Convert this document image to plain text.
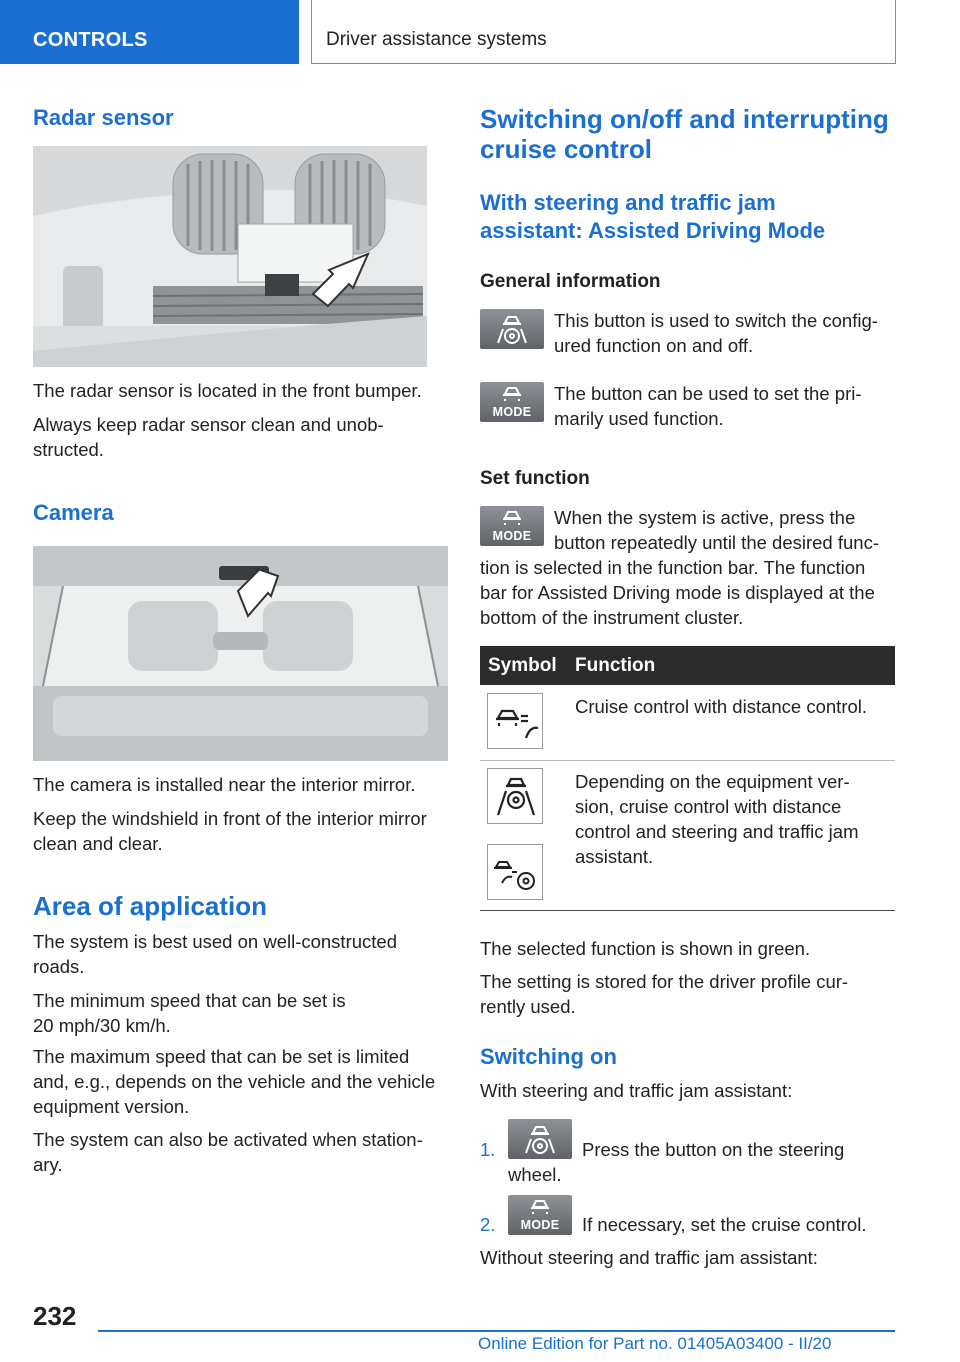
CONTROLS	Driver assistance systems
Radar sensor
The radar sensor is located in the front bumper.
Always keep radar sensor clean and unob‐
structed.
Camera
The camera is installed near the interior mirror.
Keep the windshield in front of the interior mirror
clean and clear.
Area of application
The system is best used on well-constructed
roads.
The minimum speed that can be set is
20 mph/30 km/h.
The maximum speed that can be set is limited
and, e.g., depends on the vehicle and the vehicle
equipment version.
The system can also be activated when station‐
ary.
Switching on/off and interrupting
cruise control
With steering and traffic jam
assistant: Assisted Driving Mode
General information
This button is used to switch the config‐
ured function on and off.
MODE
The button can be used to set the pri‐
marily used function.
Set function
MODE
When the system is active, press the
button repeatedly until the desired func‐
tion is selected in the function bar. The function
bar for Assisted Driving mode is displayed at the
bottom of the instrument cluster.
Symbol Function
Cruise control with distance control.
Depending on the equipment ver‐
sion, cruise control with distance
control and steering and traffic jam
assistant.
The selected function is shown in green.
The setting is stored for the driver profile cur‐
rently used.
Switching on
With steering and traffic jam assistant:
1.	Press the button on the steering
wheel.
2.	MODE	If necessary, set the cruise control.
Without steering and traffic jam assistant:
232
Online Edition for Part no. 01405A03400 - II/20
